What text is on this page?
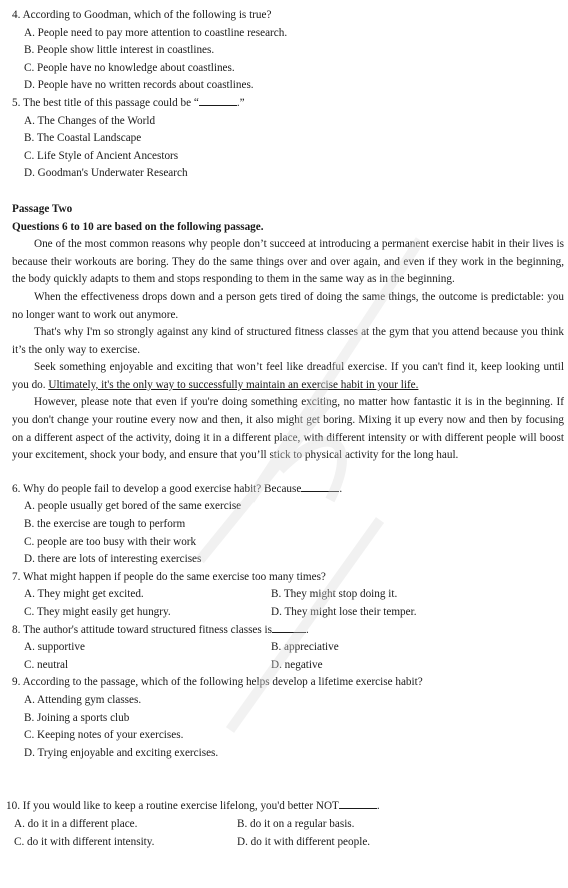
4. According to Goodman, which of the following is true?

A. People need to pay more attention to coastline research.

B. People show little interest in coastlines.

C. People have no knowledge about coastlines.

D. People have no written records about coastlines.

5. The best title of this passage could be “	.”

A. The Changes of the World

B. The Coastal Landscape

C. Life Style of Ancient Ancestors

D. Goodman's Underwater Research

Passage Two

Questions 6 to 10 are based on the following passage.

One of the most common reasons why people don’t succeed at introducing a permanent exercise habit in their lives is because their workouts are boring. They do the same things over and over again, and even if they work in the beginning, the body quickly adapts to them and stops responding to them in the same way as in the beginning.

When the effectiveness drops down and a person gets tired of doing the same things, the outcome is predictable: you no longer want to work out anymore.

That's why I'm so strongly against any kind of structured fitness classes at the gym that you attend because you think it’s the only way to exercise.

Seek something enjoyable and exciting that won’t feel like dreadful exercise. If you can't find it, keep looking until you do. Ultimately, it's the only way to successfully maintain an exercise habit in your life.

However, please note that even if you're doing something exciting, no matter how fantastic it is in the beginning. If you don't change your routine every now and then, it also might get boring. Mixing it up every now and then by focusing on a different aspect of the activity, doing it in a different place, with different intensity or with different people will boost your excitement, shock your body, and ensure that you’ll stick to physical activity for the long haul.

6. Why do people fail to develop a good exercise habit? Because	.

A. people usually get bored of the same exercise

B. the exercise are tough to perform

C. people are too busy with their work

D. there are lots of interesting exercises

7. What might happen if people do the same exercise too many times?

A. They might get excited.	B. They might stop doing it.
C. They might easily get hungry.	D. They might lose their temper.

8. The author's attitude toward structured fitness classes is	.

A. supportive	B. appreciative
C. neutral	D. negative

9. According to the passage, which of the following helps develop a lifetime exercise habit?

A. Attending gym classes.

B. Joining a sports club

C. Keeping notes of your exercises.

D. Trying enjoyable and exciting exercises.

10. If you would like to keep a routine exercise lifelong, you'd better NOT	.

A. do it in a different place.	B. do it on a regular basis.
C. do it with different intensity.	D. do it with different people.
